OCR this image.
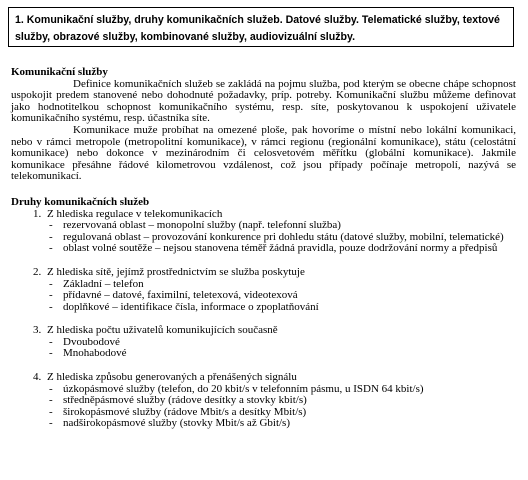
1. Komunikační služby, druhy komunikačních služeb. Datové služby. Telematické služby, textové
služby, obrazové služby, kombinované služby, audiovizuální služby.
Komunikační služby

Definice komunikačních služeb se zakládá na pojmu služba, pod kterým se obecne chápe schopnost uspokojit predem stanovené nebo dohodnuté požadavky, príp. potreby. Komunikační službu můžeme definovat jako hodnotitelkou schopnost komunikačního systému, resp. síte, poskytovanou k uspokojení uživatele komunikačního systému, resp. účastníka síte.

Komunikace muže probíhat na omezené ploše, pak hovoríme o místní nebo lokální komunikaci, nebo v rámci metropole (metropolitní komunikace), v rámci regionu (regionální komunikace), státu (celostátní komunikace) nebo dokonce v mezinárodním či celosvetovém měřítku (globální komunikace). Jakmile komunikace přesáhne řádové kilometrovou vzdálenost, což jsou případy počínaje metropolí, nazývá se telekomunikací.

Druhy komunikačních služeb
1. Z hlediska regulace v telekomunikacích
- rezervovaná oblast – monopolní služby (např. telefonní služba)
- regulovaná oblast – provozování konkurence pri dohledu státu (datové služby, mobilní, telematické)
- oblast volné soutěže – nejsou stanovena téměř žádná pravidla, pouze dodržování normy a předpisů
2. Z hlediska sítě, jejímž prostřednictvím se služba poskytuje
- Základní – telefon
- přídavné – datové, faximilní, teletexová, videotexová
- doplňkové – identifikace čísla, informace o zpoplatňování
3. Z hlediska počtu uživatelů komunikujících současně
- Dvoubodové
- Mnohabodové
4. Z hlediska způsobu generovaných a přenášených signálu
- úzkopásmové služby (telefon, do 20 kbit/s v telefonním pásmu, u ISDN 64 kbit/s)
- středněpásmové služby (rádove desítky a stovky kbit/s)
- širokopásmové služby (rádove Mbit/s a desítky Mbit/s)
- nadširokopásmové služby (stovky Mbit/s až Gbit/s)
